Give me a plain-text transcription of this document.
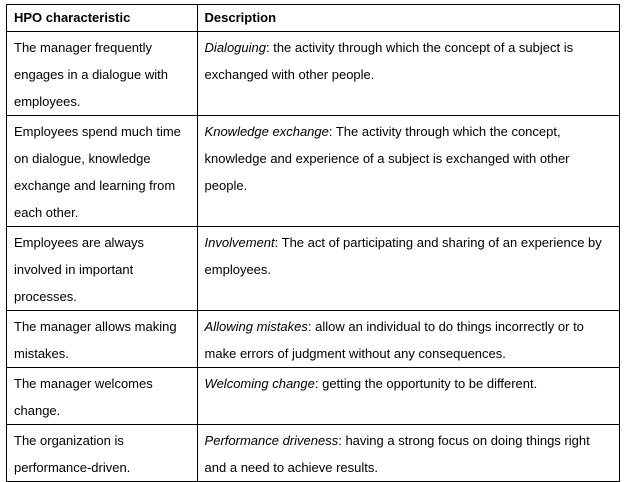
HPO characteristic	Description
The manager frequently engages in a dialogue with employees.	Dialoguing: the activity through which the concept of a subject is exchanged with other people.
Employees spend much time on dialogue, knowledge exchange and learning from each other.	Knowledge exchange: The activity through which the concept, knowledge and experience of a subject is exchanged with other people.
Employees are always involved in important processes.	Involvement: The act of participating and sharing of an experience by employees.
The manager allows making mistakes.	Allowing mistakes: allow an individual to do things incorrectly or to make errors of judgment without any consequences.
The manager welcomes change.	Welcoming change: getting the opportunity to be different.
The organization is performance-driven.	Performance driveness: having a strong focus on doing things right and a need to achieve results.
